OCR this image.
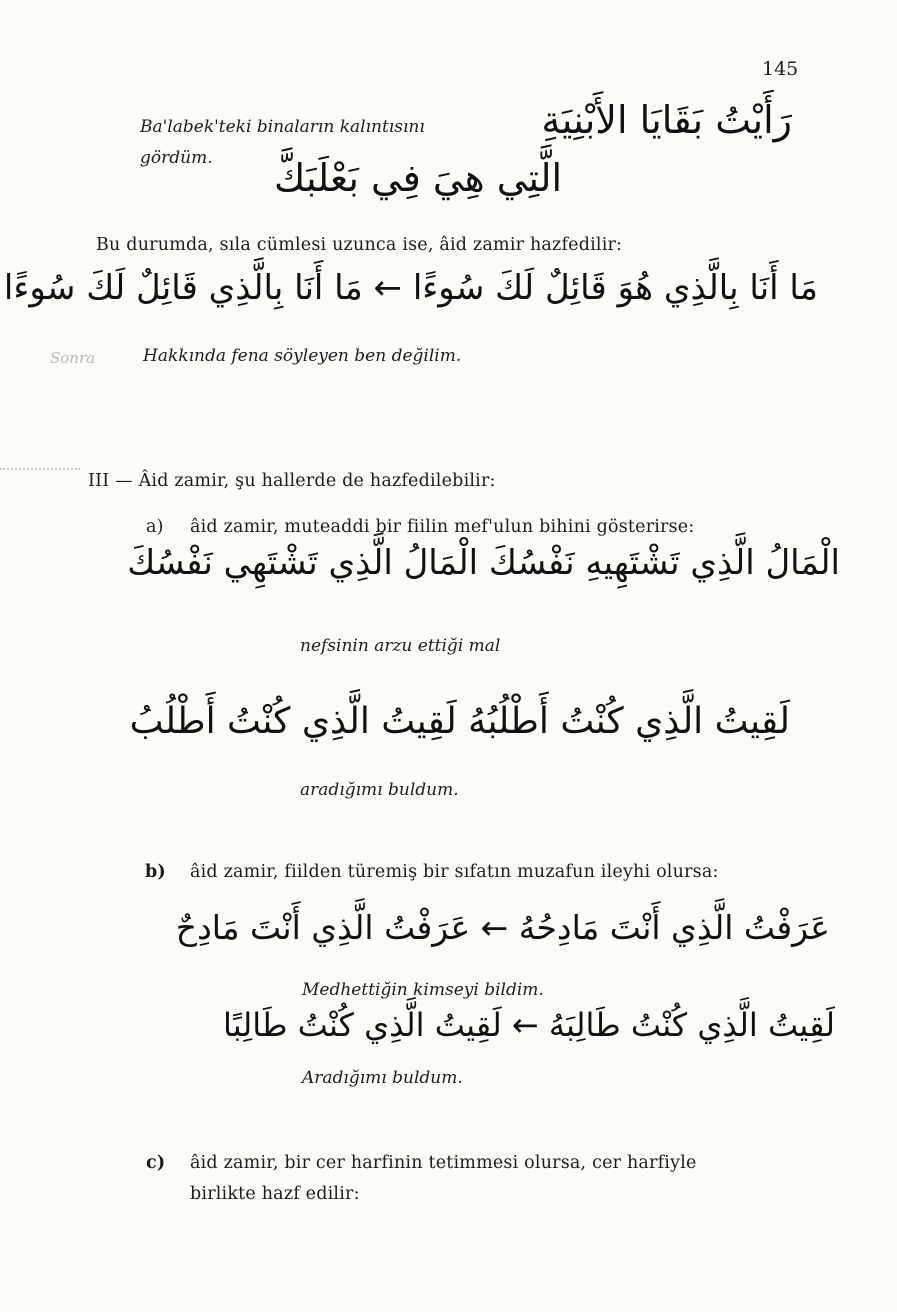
145
Ba'labek'teki binaların kalıntısını
gördüm.
رَأَيْتُ بَقَايَا الأَبْنِيَةِ
الَّتِي هِيَ فِي بَعْلَبَكَّ
Bu durumda, sıla cümlesi uzunca ise, âid zamir hazfedilir:
مَا أَنَا بِالَّذِي هُوَ قَائِلٌ لَكَ سُوءًا ← مَا أَنَا بِالَّذِي قَائِلٌ لَكَ سُوءًا
Sonra	Hakkında fena söyleyen ben değilim.
III — Âid zamir, şu hallerde de hazfedilebilir:
a) âid zamir, muteaddi bir fiilin mef'ulun bihini gösterirse:
الْمَالُ الَّذِي تَشْتَهِيهِ نَفْسُكَ الْمَالُ الَّذِي تَشْتَهِي نَفْسُكَ
nefsinin arzu ettiği mal
لَقِيتُ الَّذِي كُنْتُ أَطْلُبُهُ لَقِيتُ الَّذِي كُنْتُ أَطْلُبُ
aradığımı buldum.
b) âid zamir, fiilden türemiş bir sıfatın muzafun ileyhi olursa:
عَرَفْتُ الَّذِي أَنْتَ مَادِحُهُ ← عَرَفْتُ الَّذِي أَنْتَ مَادِحٌ
Medhettiğin kimseyi bildim.
لَقِيتُ الَّذِي كُنْتُ طَالِبَهُ ← لَقِيتُ الَّذِي كُنْتُ طَالِبًا
Aradığımı buldum.
c) âid zamir, bir cer harfinin tetimmesi olursa, cer harfiyle
birlikte hazf edilir:
